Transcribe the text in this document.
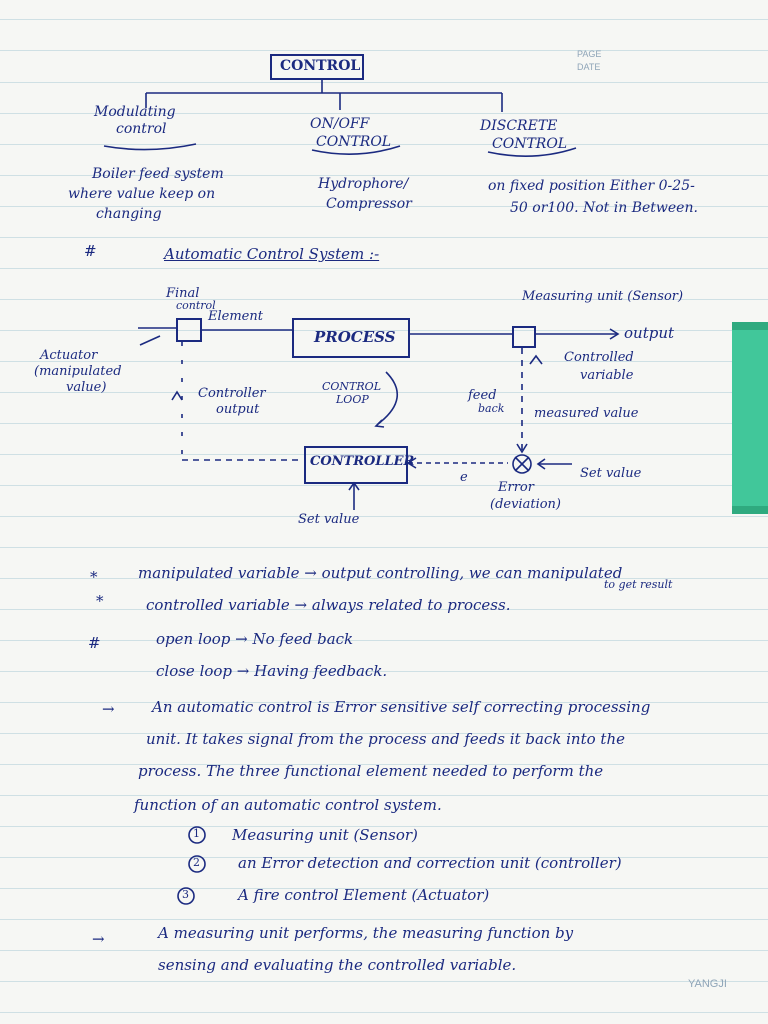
PAGE
DATE
CONTROL
Modulating
control	ON/OFF
CONTROL
DISCRETE
CONTROL
Boiler feed system
where value keep on
changing
Hydrophore/
Compressor
on fixed position Either 0-25-
50 or100. Not in Between.
#	Automatic Control System :-
Final
control
Element
Actuator
(manipulated
value)
PROCESS
Measuring unit (Sensor)
output
Controlled
variable
Controller
output
CONTROL
LOOP	feed
back measured value
CONTROLLER
e	Set value
Error
(deviation)
Set value
*	manipulated variable → output controlling, we can manipulated
to get result
*	controlled variable → always related to process.
#	open loop → No feed back
close loop → Having feedback.
→ An automatic control is Error sensitive self correcting processing
unit. It takes signal from the process and feeds it back into the
process. The three functional element needed to perform the
function of an automatic control system.
1 Measuring unit (Sensor)
2	an Error detection and correction unit (controller)
3	A fire control Element (Actuator)
→	A measuring unit performs, the measuring function by
sensing and evaluating the controlled variable.
YANGJI
